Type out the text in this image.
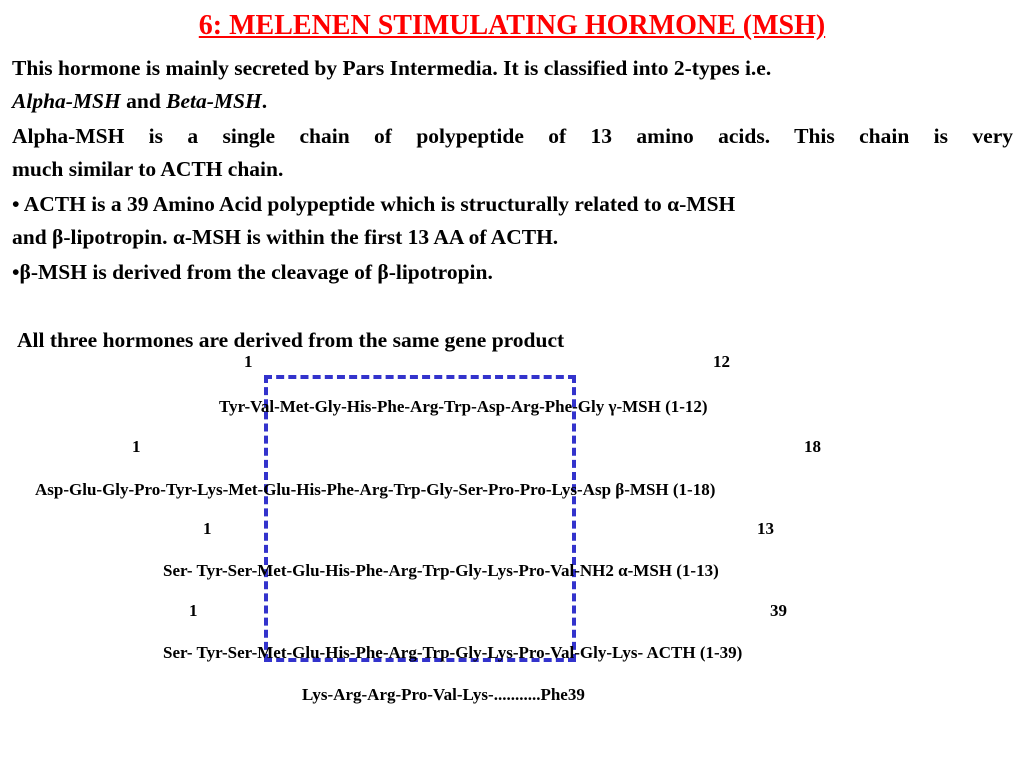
6: MELENEN STIMULATING HORMONE (MSH)
This hormone is mainly secreted by Pars Intermedia. It is classified into 2-types i.e.
Alpha-MSH and Beta-MSH.
Alpha-MSH is a single chain of polypeptide of 13 amino acids. This chain is very
much similar to ACTH chain.
• ACTH is a 39 Amino Acid polypeptide which is structurally related to α-MSH
and β-lipotropin. α-MSH is within the first 13 AA of ACTH.
•β-MSH is derived from the cleavage of β-lipotropin.
All three hormones are derived from the same gene product
1	12
Tyr-Val-Met-Gly-His-Phe-Arg-Trp-Asp-Arg-Phe-Gly γ-MSH (1-12)
1	18
Asp-Glu-Gly-Pro-Tyr-Lys-Met-Glu-His-Phe-Arg-Trp-Gly-Ser-Pro-Pro-Lys-Asp β-MSH (1-18)
1	13
Ser- Tyr-Ser-Met-Glu-His-Phe-Arg-Trp-Gly-Lys-Pro-Val-NH2 α-MSH (1-13)
1	39
Ser- Tyr-Ser-Met-Glu-His-Phe-Arg-Trp-Gly-Lys-Pro-Val-Gly-Lys- ACTH (1-39)
Lys-Arg-Arg-Pro-Val-Lys-...........Phe39
